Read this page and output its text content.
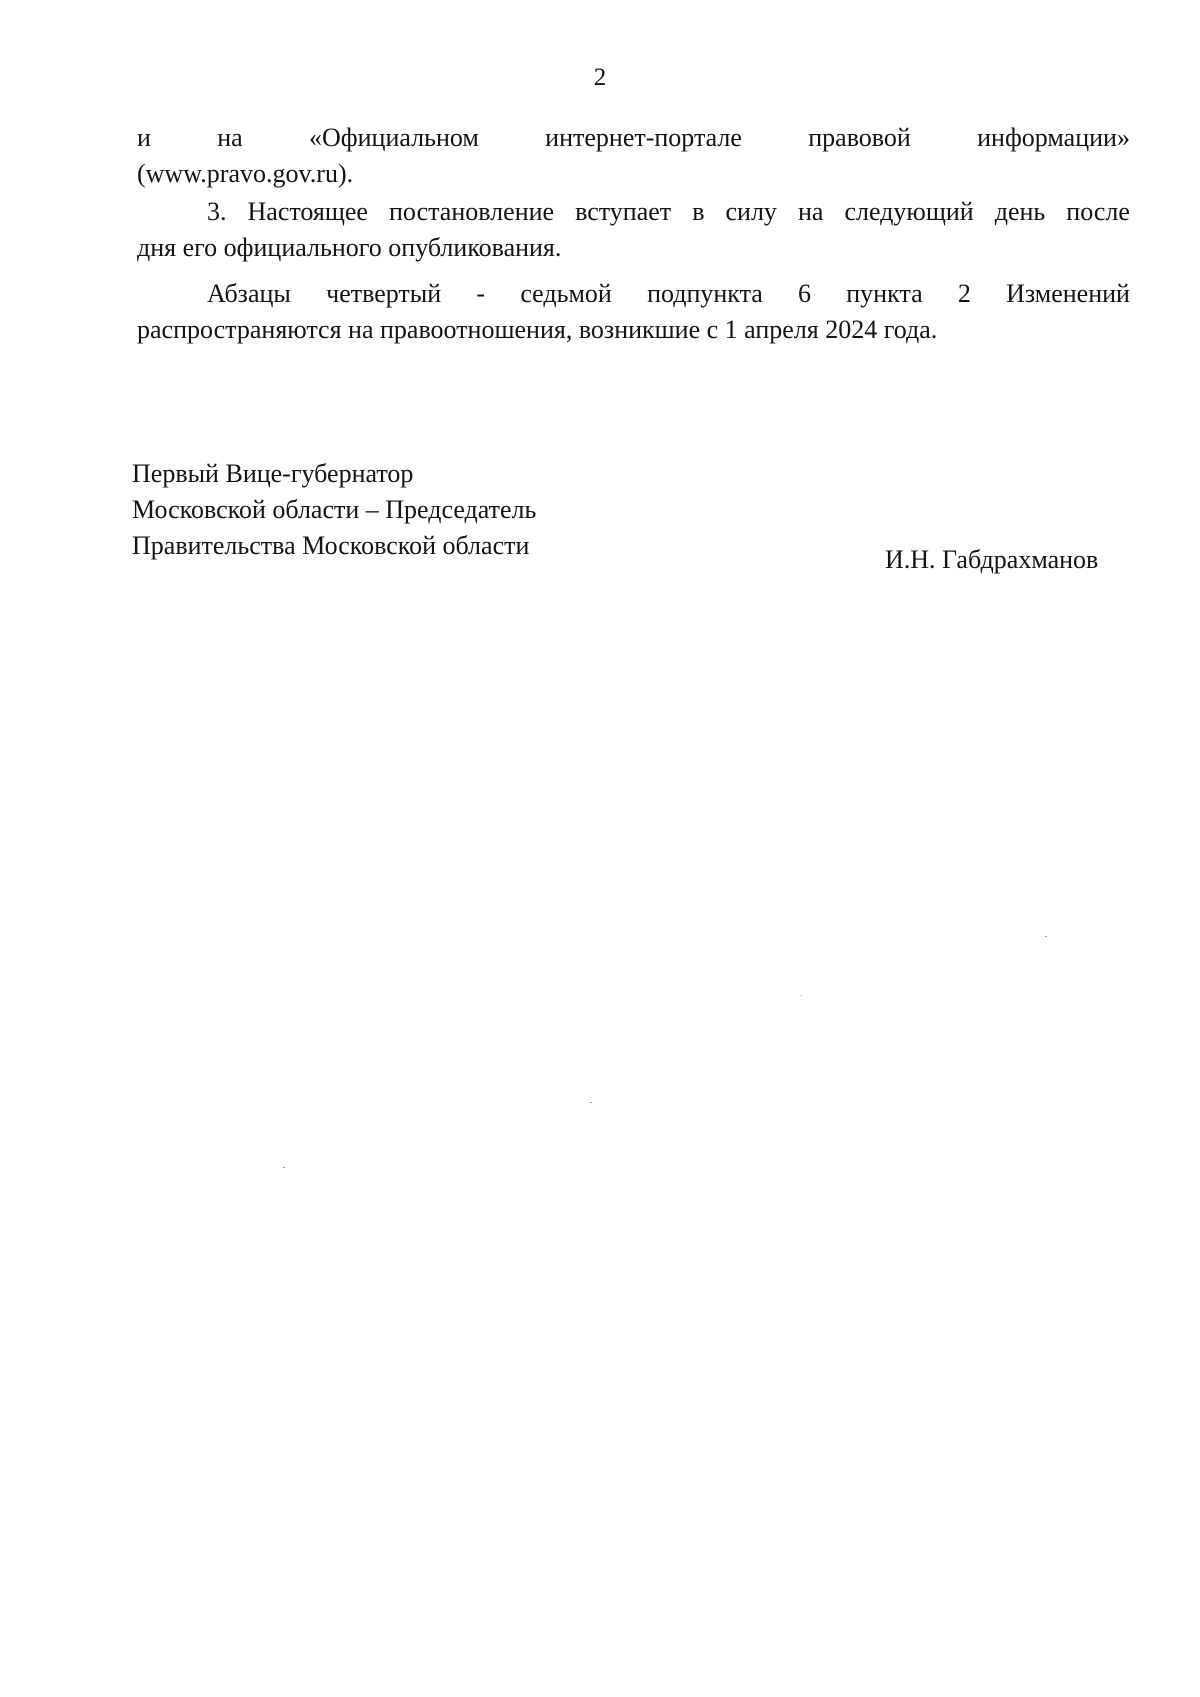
2
и	на	«Официальном	интернет-портале	правовой	информации»
(www.pravo.gov.ru).
3. Настоящее постановление вступает в силу на следующий день после
дня его официального опубликования.
Абзацы четвертый - седьмой подпункта 6 пункта 2 Изменений
распространяются на правоотношения, возникшие с 1 апреля 2024 года.
Первый Вице-губернатор
Московской области – Председатель
Правительства Московской области	И.Н. Габдрахманов
